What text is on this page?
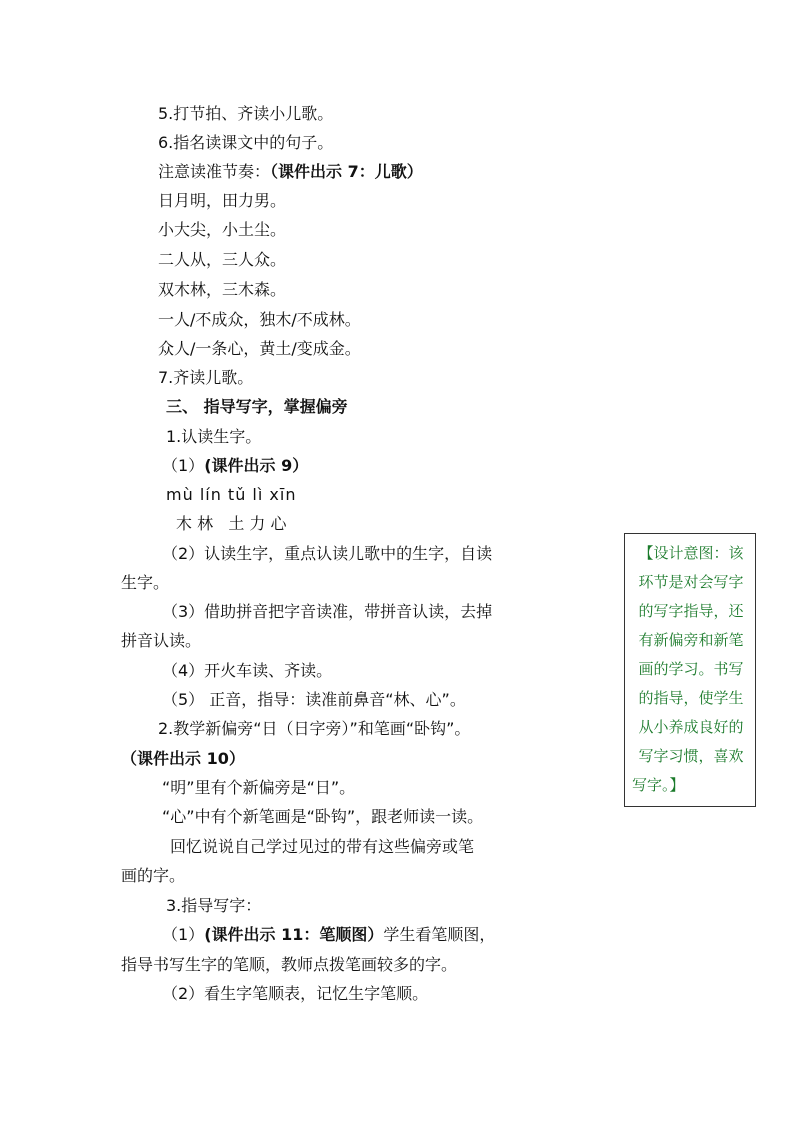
5.打节拍、齐读小儿歌。
6.指名读课文中的句子。
注意读准节奏：（课件出示 7：儿歌）
日月明，田力男。
小大尖，小土尘。
二人从，三人众。
双木林，三木森。
一人/不成众，独木/不成林。
众人/一条心，黄土/变成金。
7.齐读儿歌。
三、 指导写字，掌握偏旁
1.认读生字。
（1）(课件出示 9）
mù lín tǔ lì xīn
木 林   土 力 心
（2）认读生字，重点认读儿歌中的生字，自读
生字。
（3）借助拼音把字音读准，带拼音认读，去掉
拼音认读。
（4）开火车读、齐读。
（5） 正音，指导：读准前鼻音“林、心”。
2.教学新偏旁“日（日字旁）”和笔画“卧钩”。
（课件出示 10）
“明”里有个新偏旁是“日”。
“心”中有个新笔画是“卧钩”，跟老师读一读。
回忆说说自己学过见过的带有这些偏旁或笔
画的字。
3.指导写字：
（1）(课件出示 11：笔顺图）学生看笔顺图，
指导书写生字的笔顺，教师点拨笔画较多的字。
（2）看生字笔顺表，记忆生字笔顺。
【设计意图：该
环节是对会写字
的写字指导，还
有新偏旁和新笔
画的学习。书写
的指导，使学生
从小养成良好的
写字习惯，喜欢
写字。】
